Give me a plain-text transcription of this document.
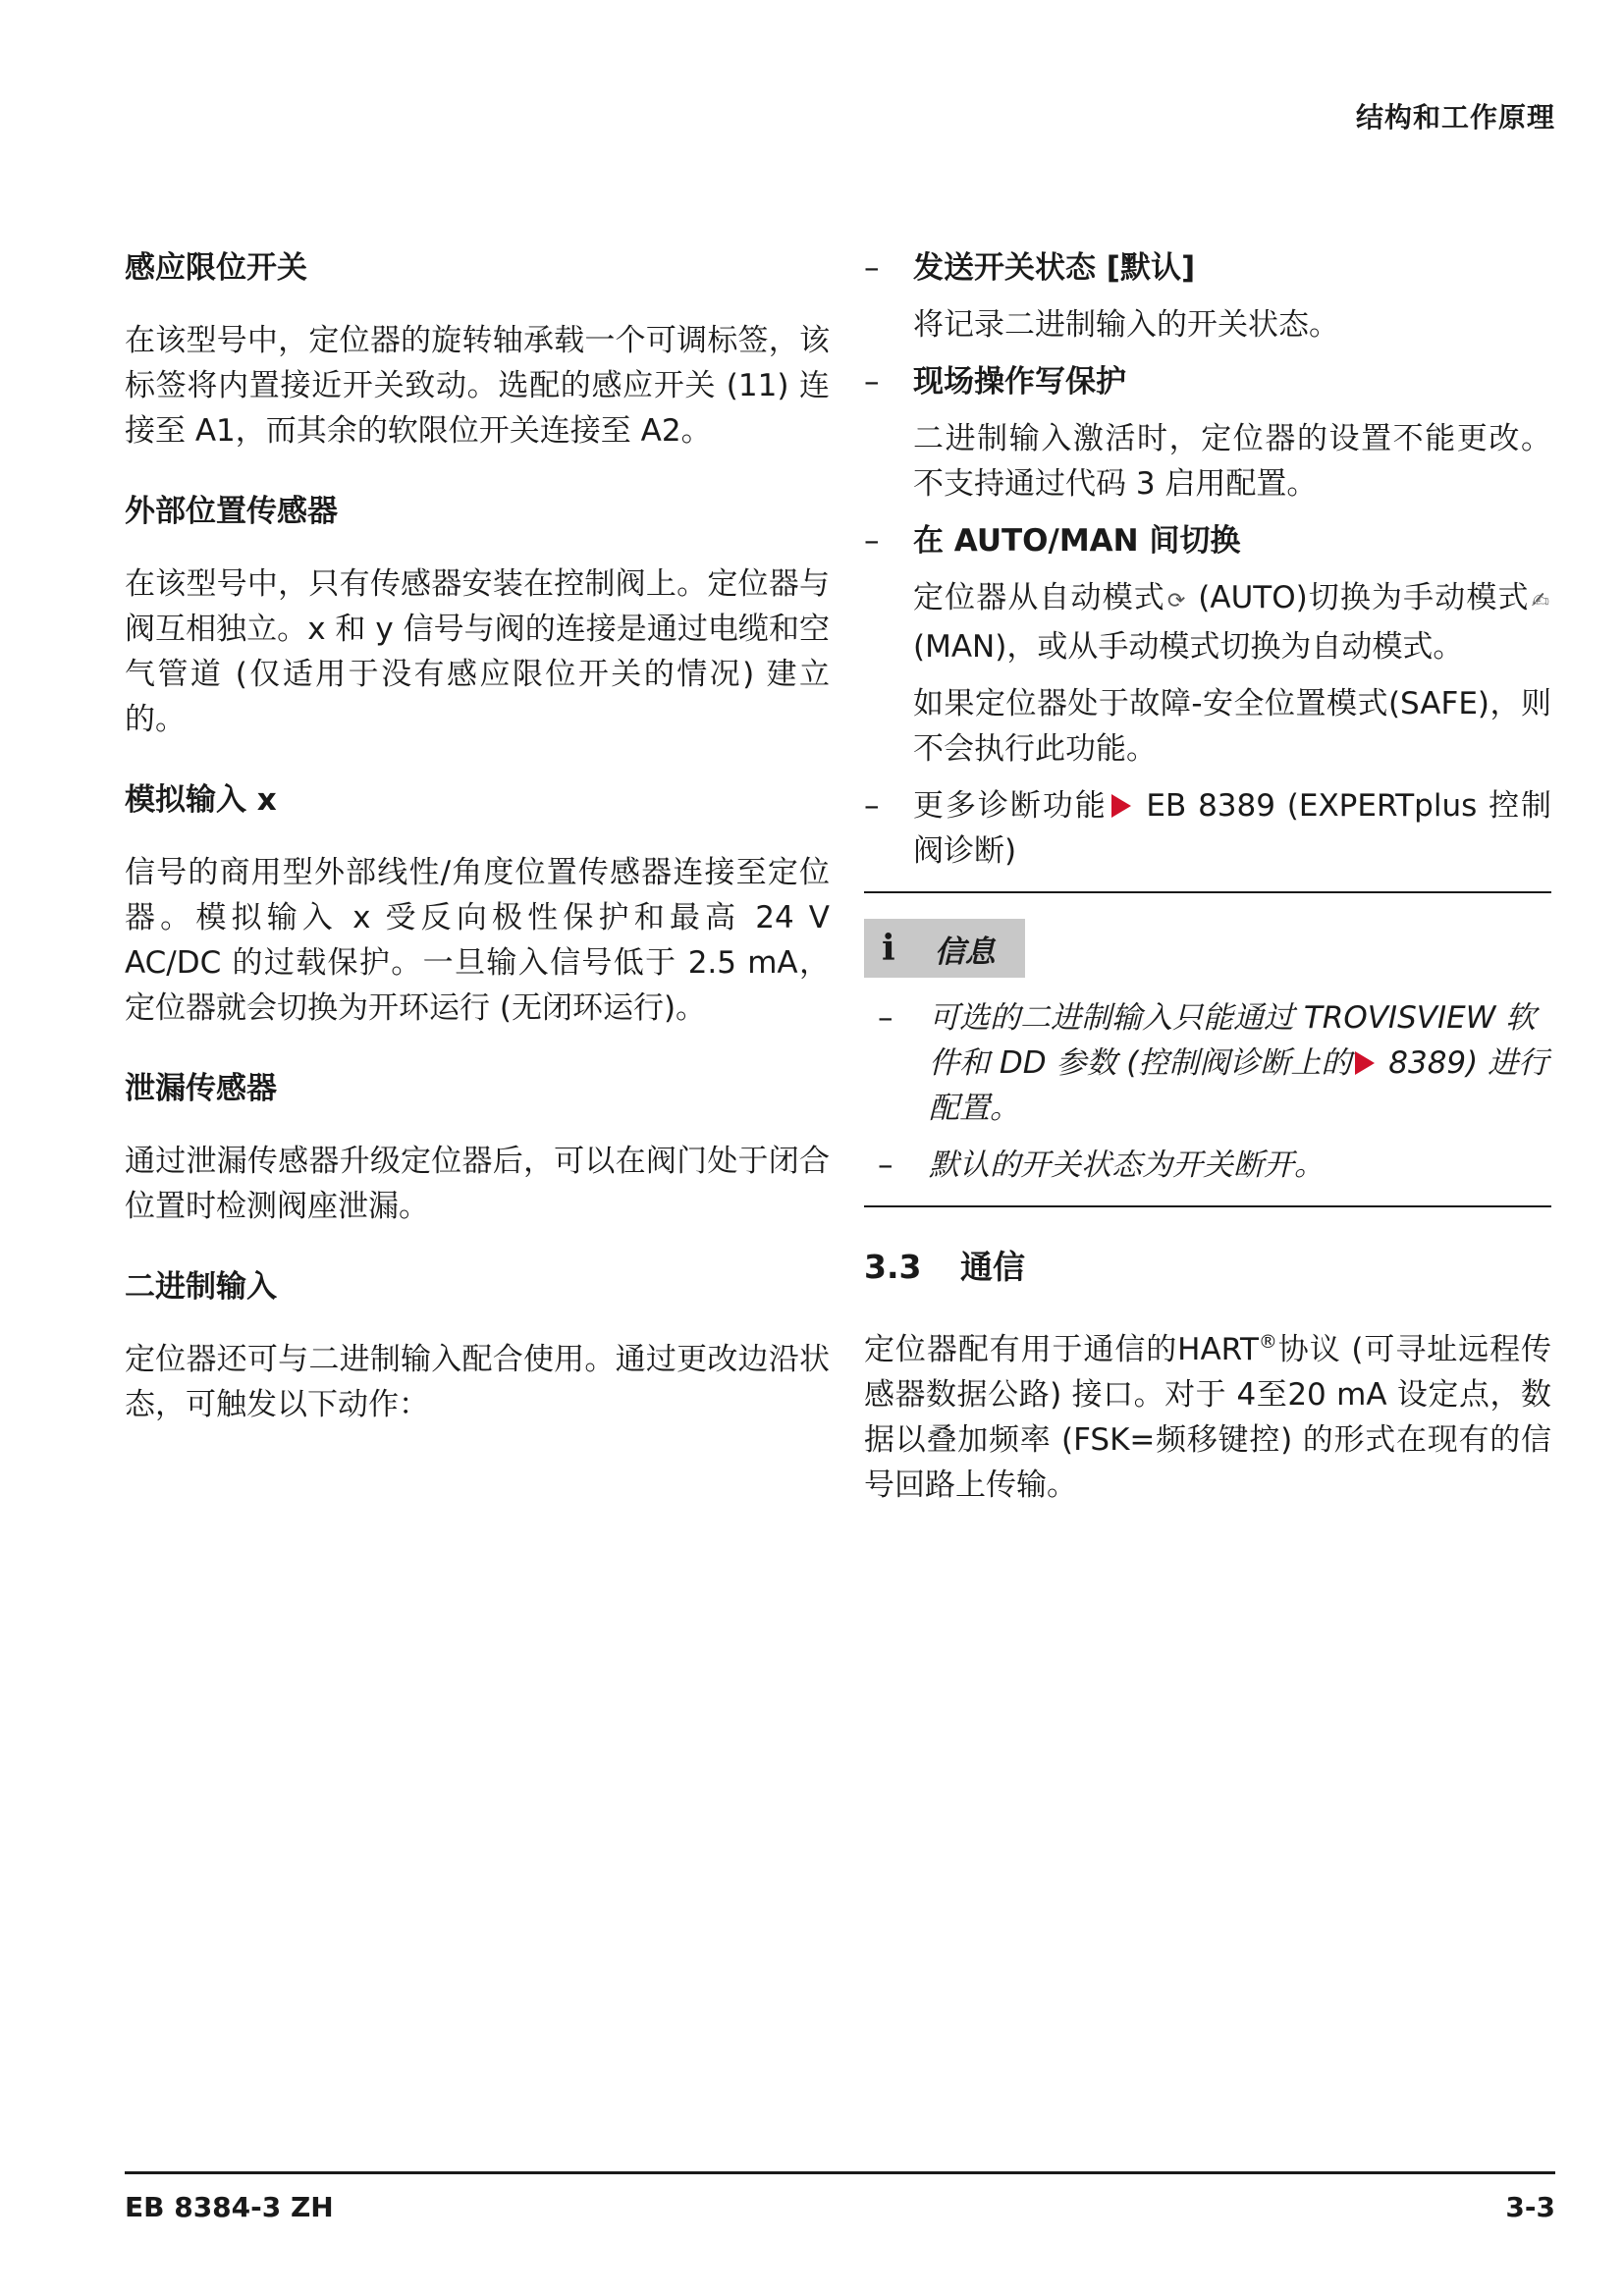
结构和工作原理
感应限位开关
在该型号中，定位器的旋转轴承载一个可调标签，该标签将内置接近开关致动。选配的感应开关 (11) 连接至 A1，而其余的软限位开关连接至 A2。
外部位置传感器
在该型号中，只有传感器安装在控制阀上。定位器与阀互相独立。x 和 y 信号与阀的连接是通过电缆和空气管道 (仅适用于没有感应限位开关的情况) 建立的。
模拟输入 x
信号的商用型外部线性/角度位置传感器连接至定位器。模拟输入 x 受反向极性保护和最高 24 V AC/DC 的过载保护。一旦输入信号低于 2.5 mA，定位器就会切换为开环运行 (无闭环运行)。
泄漏传感器
通过泄漏传感器升级定位器后，可以在阀门处于闭合位置时检测阀座泄漏。
二进制输入
定位器还可与二进制输入配合使用。通过更改边沿状态，可触发以下动作：
– 发送开关状态 [默认]
将记录二进制输入的开关状态。
– 现场操作写保护
二进制输入激活时，定位器的设置不能更改。不支持通过代码 3 启用配置。
– 在 AUTO/MAN 间切换
定位器从自动模式⟳ (AUTO)切换为手动模式✍(MAN)，或从手动模式切换为自动模式。
如果定位器处于故障-安全位置模式(SAFE)，则不会执行此功能。
– 更多诊断功能 EB 8389 (EXPERTplus 控制阀诊断)
i 信息
– 可选的二进制输入只能通过 TROVISVIEW 软件和 DD 参数 (控制阀诊断上的 8389) 进行配置。
– 默认的开关状态为开关断开。
3.3 通信
定位器配有用于通信的HART®协议 (可寻址远程传感器数据公路) 接口。对于 4至20 mA 设定点，数据以叠加频率 (FSK=频移键控) 的形式在现有的信号回路上传输。
EB 8384-3 ZH	3-3
